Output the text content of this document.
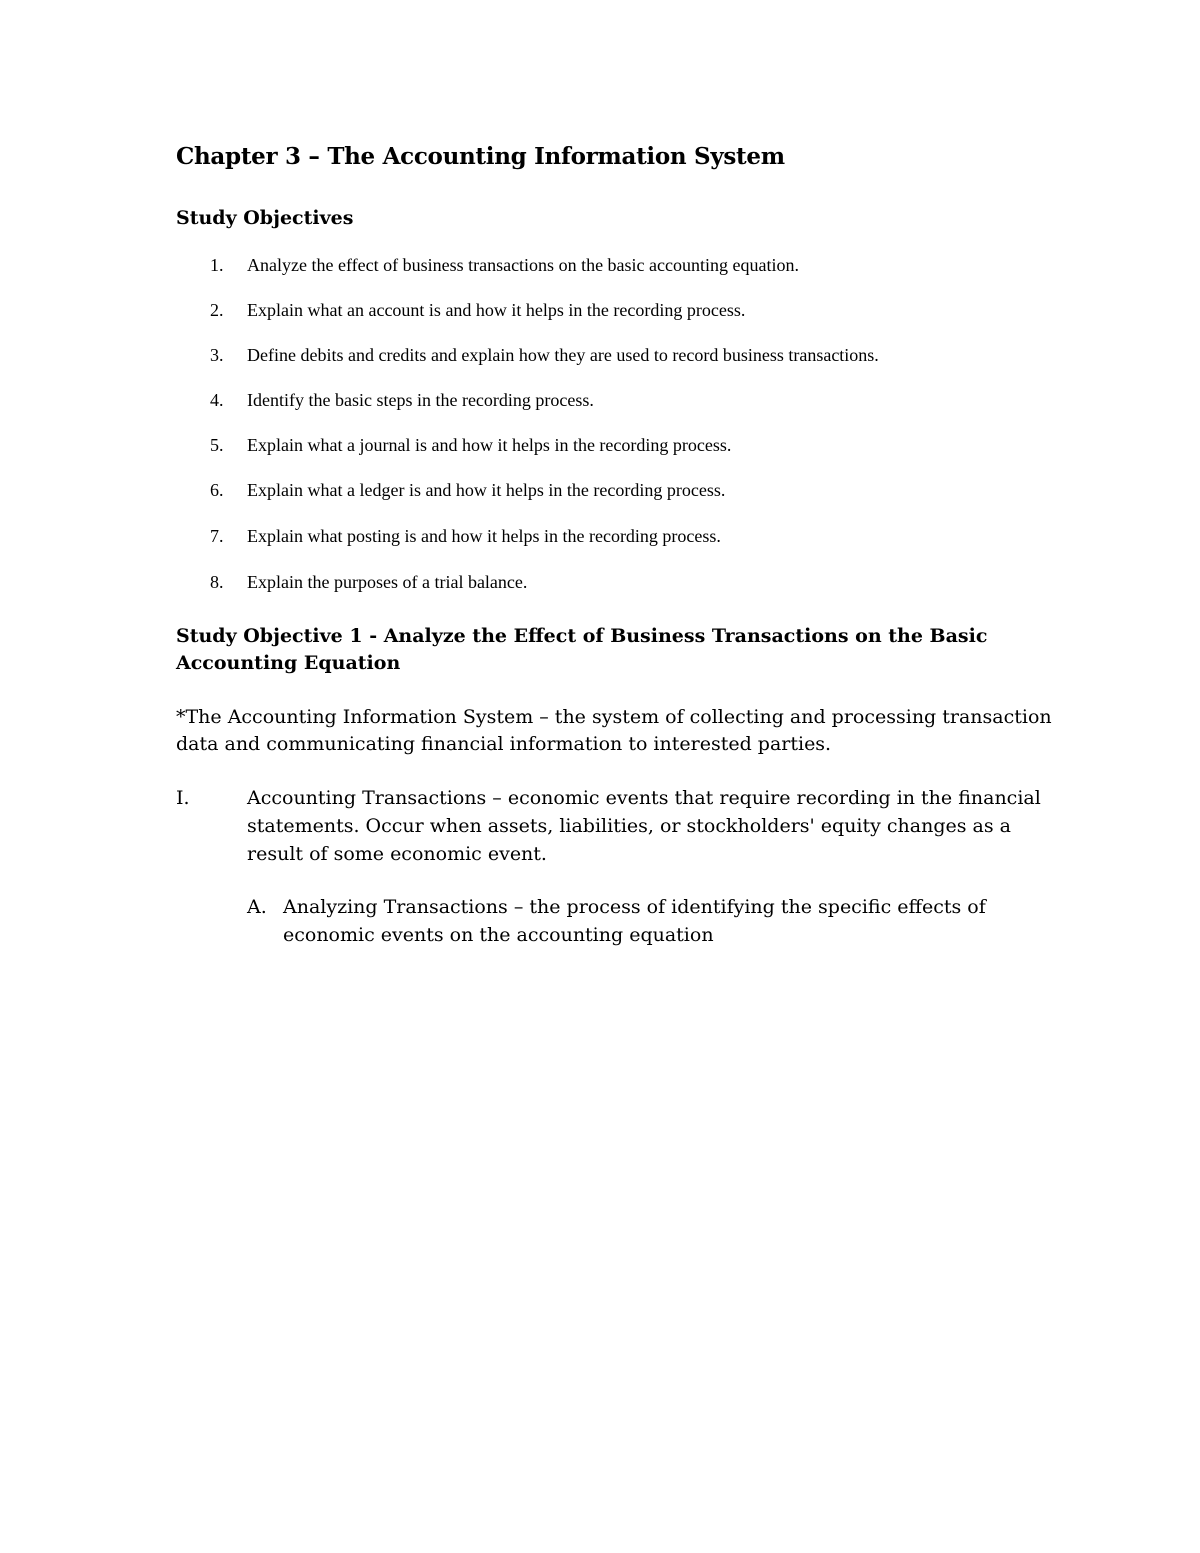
Chapter 3 – The Accounting Information System
Study Objectives
1.	Analyze the effect of business transactions on the basic accounting equation.
2.	Explain what an account is and how it helps in the recording process.
3.	Define debits and credits and explain how they are used to record business transactions.
4.	Identify the basic steps in the recording process.
5.	Explain what a journal is and how it helps in the recording process.
6.	Explain what a ledger is and how it helps in the recording process.
7.	Explain what posting is and how it helps in the recording process.
8.	Explain the purposes of a trial balance.
Study Objective 1 - Analyze the Effect of Business Transactions on the Basic Accounting Equation

*The Accounting Information System – the system of collecting and processing transaction data and communicating financial information to interested parties.

I.	Accounting Transactions – economic events that require recording in the financial statements. Occur when assets, liabilities, or stockholders' equity changes as a result of some economic event.

A. Analyzing Transactions – the process of identifying the specific effects of economic events on the accounting equation
